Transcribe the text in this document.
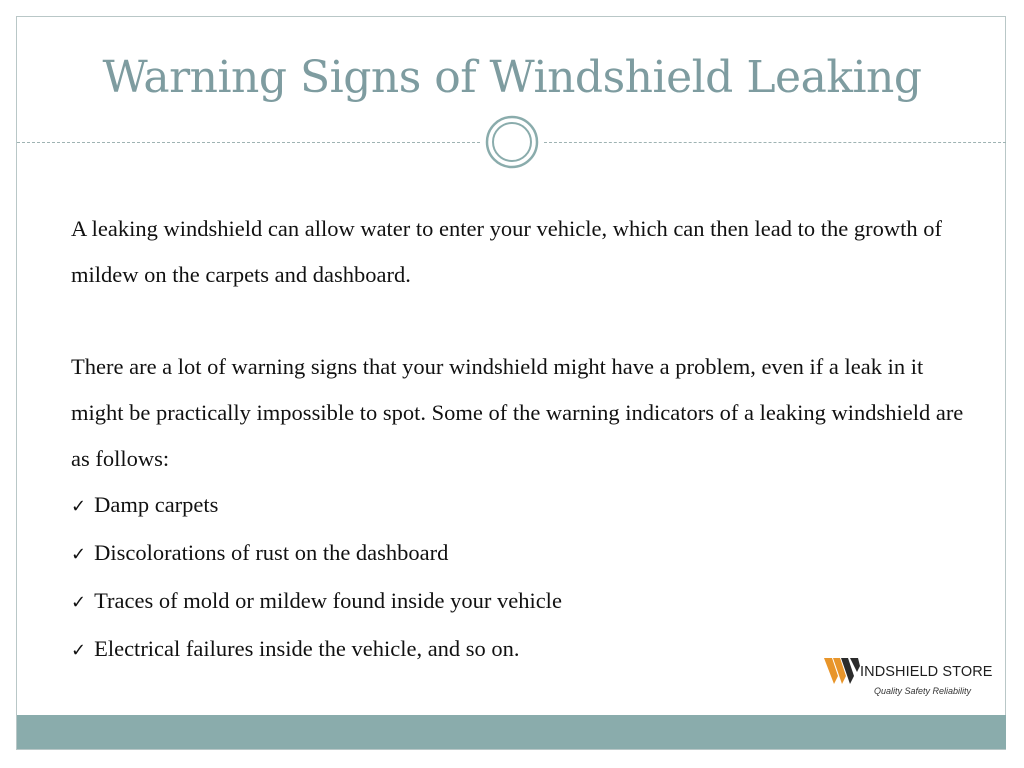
Warning Signs of Windshield Leaking

A leaking windshield can allow water to enter your vehicle, which can then lead to the growth of mildew on the carpets and dashboard.

There are a lot of warning signs that your windshield might have a problem, even if a leak in it might be practically impossible to spot. Some of the warning indicators of a leaking windshield are as follows:

✓ Damp carpets
✓ Discolorations of rust on the dashboard
✓ Traces of mold or mildew found inside your vehicle
✓ Electrical failures inside the vehicle, and so on.
INDSHIELD STORE
Quality Safety Reliability
